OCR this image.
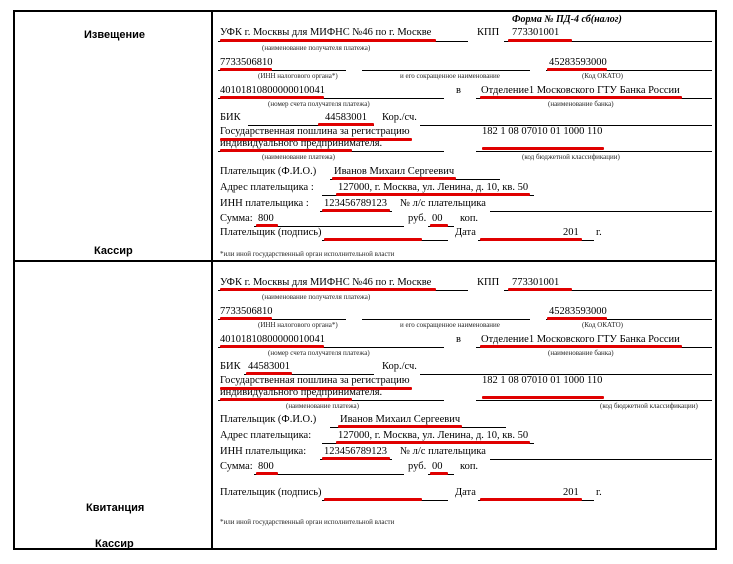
Извещение
Кассир
Квитанция
Кассир
Форма № ПД-4 сб(налог)
УФК г. Москвы для МИФНС №46 по г. Москве	КПП 773301001
(наименование получателя платежа)
7733506810	45283593000
(ИНН налогового органа*)	и его сокращенное наименование	(Код ОКАТО)
40101810800000010041	в Отделение1 Московского ГТУ Банка России
(номер счета получателя платежа)	(наименование банка)
БИК	44583001 Кор./сч.
Государственная пошлина за регистрацию
индивидуального предпринимателя.
182 1 08 07010 01 1000 110
(наименование платежа)	(код бюджетной классификации)
Плательщик (Ф.И.О.) Иванов Михаил Сергеевич
Адрес плательщика : 127000, г. Москва, ул. Ленина, д. 10, кв. 50
ИНН плательщика : 123456789123 № л/с плательщика
Сумма: 800	руб. 00 коп.
Плательщик (подпись)	Дата	201 г.
*или иной государственный орган исполнительной власти
УФК г. Москвы для МИФНС №46 по г. Москве	КПП 773301001
(наименование получателя платежа)
7733506810	45283593000
(ИНН налогового органа*)	и его сокращенное наименование	(Код ОКАТО)
40101810800000010041	в Отделение1 Московского ГТУ Банка России
(номер счета получателя платежа)	(наименование банка)
БИК 44583001	Кор./сч.
Государственная пошлина за регистрацию
индивидуального предпринимателя.
182 1 08 07010 01 1000 110
(наименование платежа)	(код бюджетной классификации)
Плательщик (Ф.И.О.) Иванов Михаил Сергеевич
Адрес плательщика:	127000, г. Москва, ул. Ленина, д. 10, кв. 50
ИНН плательщика: 123456789123 № л/с плательщика
Сумма: 800	руб. 00 коп.
Плательщик (подпись)	Дата	201 г.
*или иной государственный орган исполнительной власти
